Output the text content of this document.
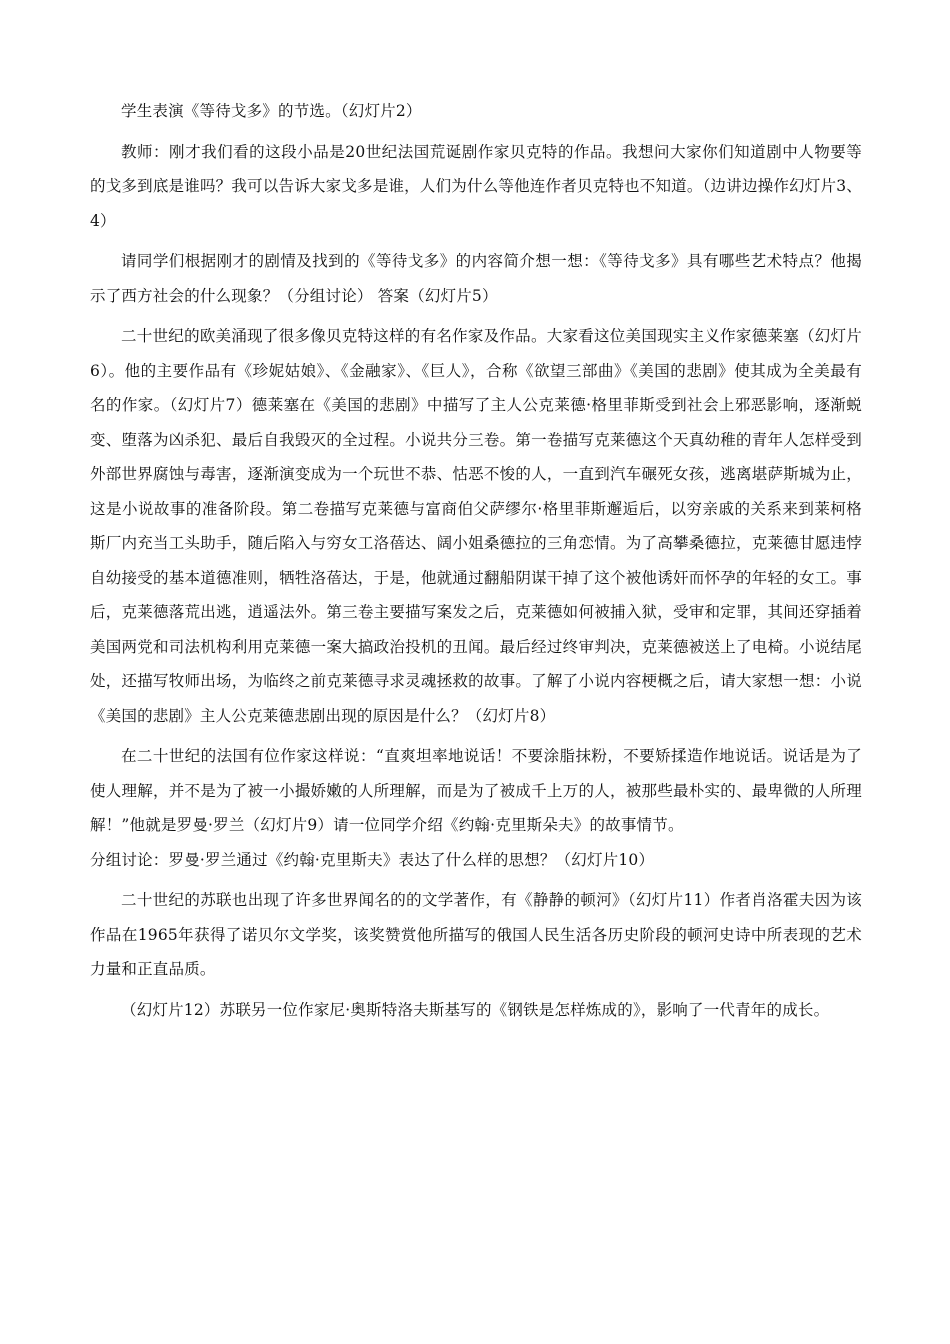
学生表演《等待戈多》的节选。（幻灯片2）

教师：刚才我们看的这段小品是20世纪法国荒诞剧作家贝克特的作品。我想问大家你们知道剧中人物要等的戈多到底是谁吗？我可以告诉大家戈多是谁，人们为什么等他连作者贝克特也不知道。（边讲边操作幻灯片3、4）

请同学们根据刚才的剧情及找到的《等待戈多》的内容简介想一想：《等待戈多》具有哪些艺术特点？他揭示了西方社会的什么现象？（分组讨论） 答案（幻灯片5）

二十世纪的欧美涌现了很多像贝克特这样的有名作家及作品。大家看这位美国现实主义作家德莱塞（幻灯片6）。他的主要作品有《珍妮姑娘》、《金融家》、《巨人》，合称《欲望三部曲》《美国的悲剧》使其成为全美最有名的作家。（幻灯片7）德莱塞在《美国的悲剧》中描写了主人公克莱德·格里菲斯受到社会上邪恶影响，逐渐蜕变、堕落为凶杀犯、最后自我毁灭的全过程。小说共分三卷。第一卷描写克莱德这个天真幼稚的青年人怎样受到外部世界腐蚀与毒害，逐渐演变成为一个玩世不恭、怙恶不悛的人，一直到汽车碾死女孩，逃离堪萨斯城为止，这是小说故事的准备阶段。第二卷描写克莱德与富商伯父萨缪尔·格里菲斯邂逅后，以穷亲戚的关系来到莱柯格斯厂内充当工头助手，随后陷入与穷女工洛蓓达、阔小姐桑德拉的三角恋情。为了高攀桑德拉，克莱德甘愿违悖自幼接受的基本道德准则，牺牲洛蓓达，于是，他就通过翻船阴谋干掉了这个被他诱奸而怀孕的年轻的女工。事后，克莱德落荒出逃，逍遥法外。第三卷主要描写案发之后，克莱德如何被捕入狱，受审和定罪，其间还穿插着美国两党和司法机构利用克莱德一案大搞政治投机的丑闻。最后经过终审判决，克莱德被送上了电椅。小说结尾处，还描写牧师出场，为临终之前克莱德寻求灵魂拯救的故事。了解了小说内容梗概之后，请大家想一想：小说《美国的悲剧》主人公克莱德悲剧出现的原因是什么？（幻灯片8）

在二十世纪的法国有位作家这样说：“直爽坦率地说话！不要涂脂抹粉，不要矫揉造作地说话。说话是为了使人理解，并不是为了被一小撮娇嫩的人所理解，而是为了被成千上万的人，被那些最朴实的、最卑微的人所理解！”他就是罗曼·罗兰（幻灯片9）请一位同学介绍《约翰·克里斯朵夫》的故事情节。

分组讨论：罗曼·罗兰通过《约翰·克里斯夫》表达了什么样的思想？（幻灯片10）

二十世纪的苏联也出现了许多世界闻名的的文学著作，有《静静的顿河》（幻灯片11）作者肖洛霍夫因为该作品在1965年获得了诺贝尔文学奖，该奖赞赏他所描写的俄国人民生活各历史阶段的顿河史诗中所表现的艺术力量和正直品质。

（幻灯片12）苏联另一位作家尼·奥斯特洛夫斯基写的《钢铁是怎样炼成的》，影响了一代青年的成长。
